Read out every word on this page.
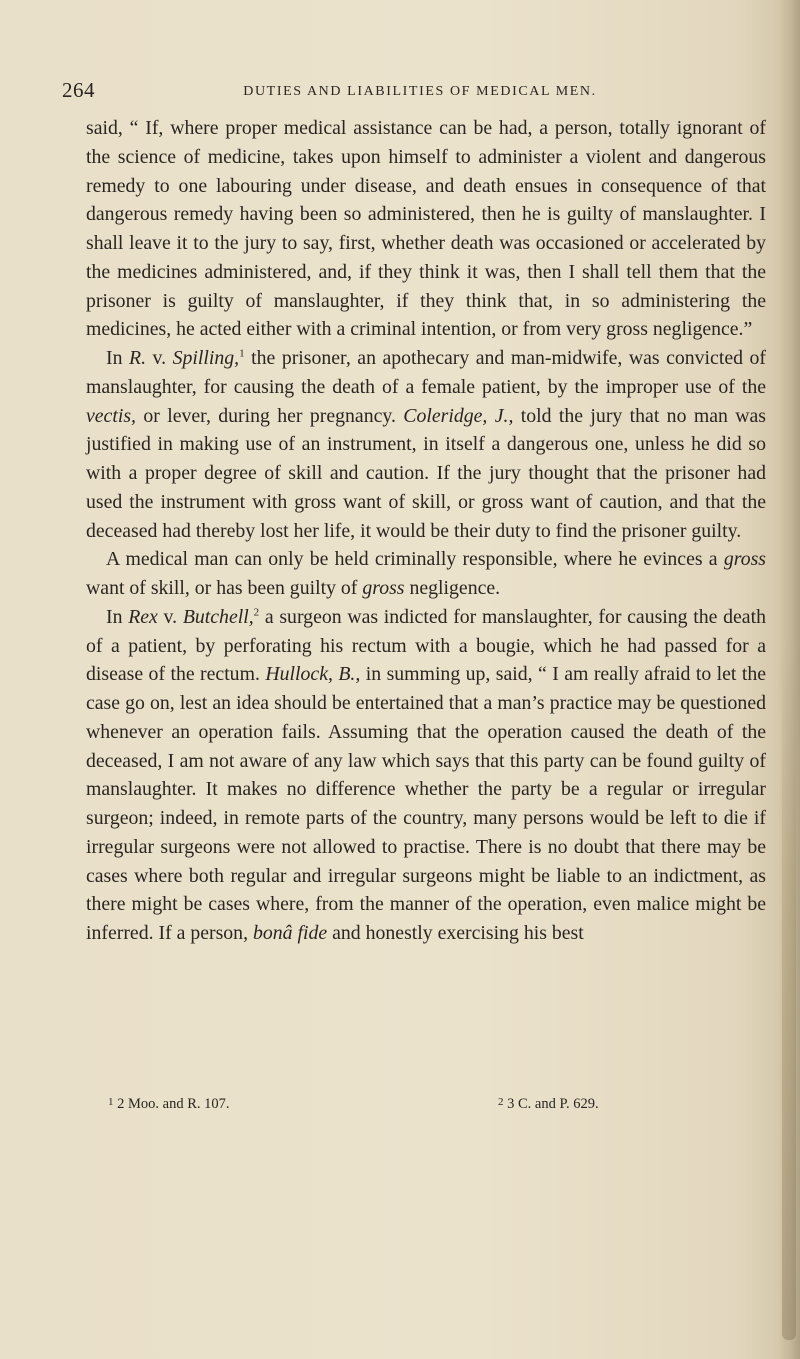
264	DUTIES AND LIABILITIES OF MEDICAL MEN.

said, “ If, where proper medical assistance can be had, a person, totally ignorant of the science of medicine, takes upon himself to administer a violent and dangerous remedy to one labouring under disease, and death ensues in consequence of that dangerous remedy having been so administered, then he is guilty of manslaughter. I shall leave it to the jury to say, first, whether death was occasioned or accelerated by the medicines administered, and, if they think it was, then I shall tell them that the prisoner is guilty of manslaughter, if they think that, in so administering the medicines, he acted either with a criminal intention, or from very gross negligence.”

In R. v. Spilling,$^1$ the prisoner, an apothecary and man-midwife, was convicted of manslaughter, for causing the death of a female patient, by the improper use of the vectis, or lever, during her pregnancy. Coleridge, J., told the jury that no man was justified in making use of an instrument, in itself a dangerous one, unless he did so with a proper degree of skill and caution. If the jury thought that the prisoner had used the instrument with gross want of skill, or gross want of caution, and that the deceased had thereby lost her life, it would be their duty to find the prisoner guilty.

A medical man can only be held criminally responsible, where he evinces a gross want of skill, or has been guilty of gross negligence.

In Rex v. Butchell,$^2$ a surgeon was indicted for manslaughter, for causing the death of a patient, by perforating his rectum with a bougie, which he had passed for a disease of the rectum. Hullock, B., in summing up, said, “ I am really afraid to let the case go on, lest an idea should be entertained that a man’s practice may be questioned whenever an operation fails. Assuming that the operation caused the death of the deceased, I am not aware of any law which says that this party can be found guilty of manslaughter. It makes no difference whether the party be a regular or irregular surgeon; indeed, in remote parts of the country, many persons would be left to die if irregular surgeons were not allowed to practise. There is no doubt that there may be cases where both regular and irregular surgeons might be liable to an indictment, as there might be cases where, from the manner of the operation, even malice might be inferred. If a person, bonâ fide and honestly exercising his best

$^1$ 2 Moo. and R. 107.	$^2$ 3 C. and P. 629.
